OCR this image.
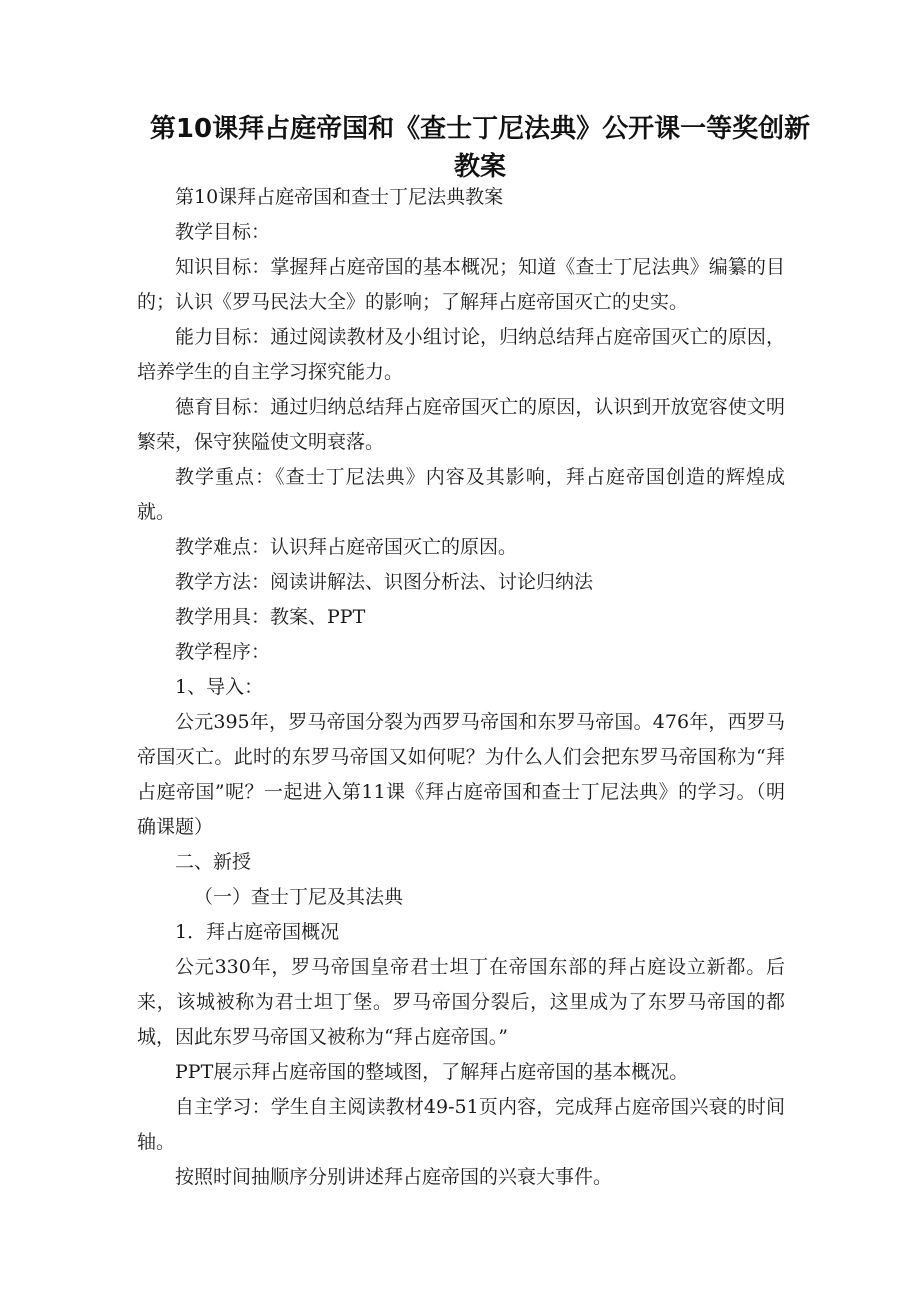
第10课拜占庭帝国和《查士丁尼法典》公开课一等奖创新教案

第10课拜占庭帝国和查士丁尼法典教案

教学目标：

知识目标：掌握拜占庭帝国的基本概况；知道《查士丁尼法典》编纂的目的；认识《罗马民法大全》的影响；了解拜占庭帝国灭亡的史实。

能力目标：通过阅读教材及小组讨论，归纳总结拜占庭帝国灭亡的原因，培养学生的自主学习探究能力。

德育目标：通过归纳总结拜占庭帝国灭亡的原因，认识到开放宽容使文明繁荣，保守狭隘使文明衰落。

教学重点：《查士丁尼法典》内容及其影响，拜占庭帝国创造的辉煌成就。

教学难点：认识拜占庭帝国灭亡的原因。

教学方法：阅读讲解法、识图分析法、讨论归纳法

教学用具：教案、PPT

教学程序：

1、导入：

公元395年，罗马帝国分裂为西罗马帝国和东罗马帝国。476年，西罗马帝国灭亡。此时的东罗马帝国又如何呢？为什么人们会把东罗马帝国称为“拜占庭帝国”呢？一起进入第11课《拜占庭帝国和查士丁尼法典》的学习。（明确课题）

二、新授

（一）查士丁尼及其法典

1．拜占庭帝国概况

公元330年，罗马帝国皇帝君士坦丁在帝国东部的拜占庭设立新都。后来，该城被称为君士坦丁堡。罗马帝国分裂后，这里成为了东罗马帝国的都城，因此东罗马帝国又被称为“拜占庭帝国。”

PPT展示拜占庭帝国的整域图，了解拜占庭帝国的基本概况。

自主学习：学生自主阅读教材49-51页内容，完成拜占庭帝国兴衰的时间轴。

按照时间抽顺序分别讲述拜占庭帝国的兴衰大事件。
